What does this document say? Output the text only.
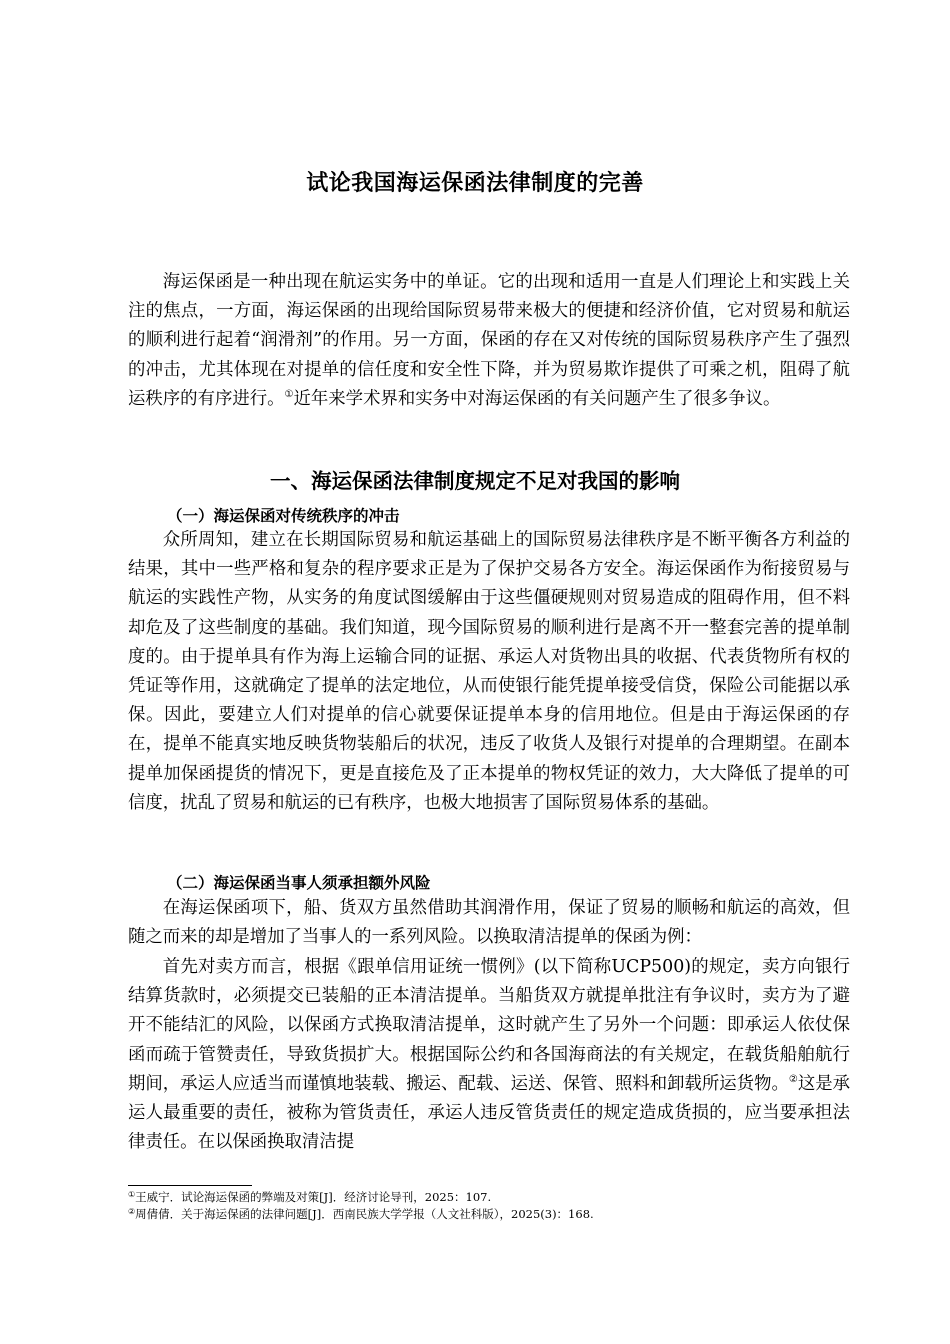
试论我国海运保函法律制度的完善

海运保函是一种出现在航运实务中的单证。它的出现和适用一直是人们理论上和实践上关注的焦点，一方面，海运保函的出现给国际贸易带来极大的便捷和经济价值，它对贸易和航运的顺利进行起着“润滑剂”的作用。另一方面，保函的存在又对传统的国际贸易秩序产生了强烈的冲击，尤其体现在对提单的信任度和安全性下降，并为贸易欺诈提供了可乘之机，阻碍了航运秩序的有序进行。①近年来学术界和实务中对海运保函的有关问题产生了很多争议。

一、海运保函法律制度规定不足对我国的影响
（一）海运保函对传统秩序的冲击

众所周知，建立在长期国际贸易和航运基础上的国际贸易法律秩序是不断平衡各方利益的结果，其中一些严格和复杂的程序要求正是为了保护交易各方安全。海运保函作为衔接贸易与航运的实践性产物，从实务的角度试图缓解由于这些僵硬规则对贸易造成的阻碍作用，但不料却危及了这些制度的基础。我们知道，现今国际贸易的顺利进行是离不开一整套完善的提单制度的。由于提单具有作为海上运输合同的证据、承运人对货物出具的收据、代表货物所有权的凭证等作用，这就确定了提单的法定地位，从而使银行能凭提单接受信贷，保险公司能据以承保。因此，要建立人们对提单的信心就要保证提单本身的信用地位。但是由于海运保函的存在，提单不能真实地反映货物装船后的状况，违反了收货人及银行对提单的合理期望。在副本提单加保函提货的情况下，更是直接危及了正本提单的物权凭证的效力，大大降低了提单的可信度，扰乱了贸易和航运的已有秩序，也极大地损害了国际贸易体系的基础。

（二）海运保函当事人须承担额外风险

在海运保函项下，船、货双方虽然借助其润滑作用，保证了贸易的顺畅和航运的高效，但随之而来的却是增加了当事人的一系列风险。以换取清洁提单的保函为例：

首先对卖方而言，根据《跟单信用证统一惯例》(以下简称UCP500)的规定，卖方向银行结算货款时，必须提交已装船的正本清洁提单。当船货双方就提单批注有争议时，卖方为了避开不能结汇的风险，以保函方式换取清洁提单，这时就产生了另外一个问题：即承运人依仗保函而疏于管赞责任，导致货损扩大。根据国际公约和各国海商法的有关规定，在载货船舶航行期间，承运人应适当而谨慎地装载、搬运、配载、运送、保管、照料和卸载所运货物。②这是承运人最重要的责任，被称为管货责任，承运人违反管货责任的规定造成货损的，应当要承担法律责任。在以保函换取清洁提

①王威宁．试论海运保函的弊端及对策[J]．经济讨论导刊，2025：107.
②周倩倩．关于海运保函的法律问题[J]．西南民族大学学报（人文社科版），2025(3)：168.
